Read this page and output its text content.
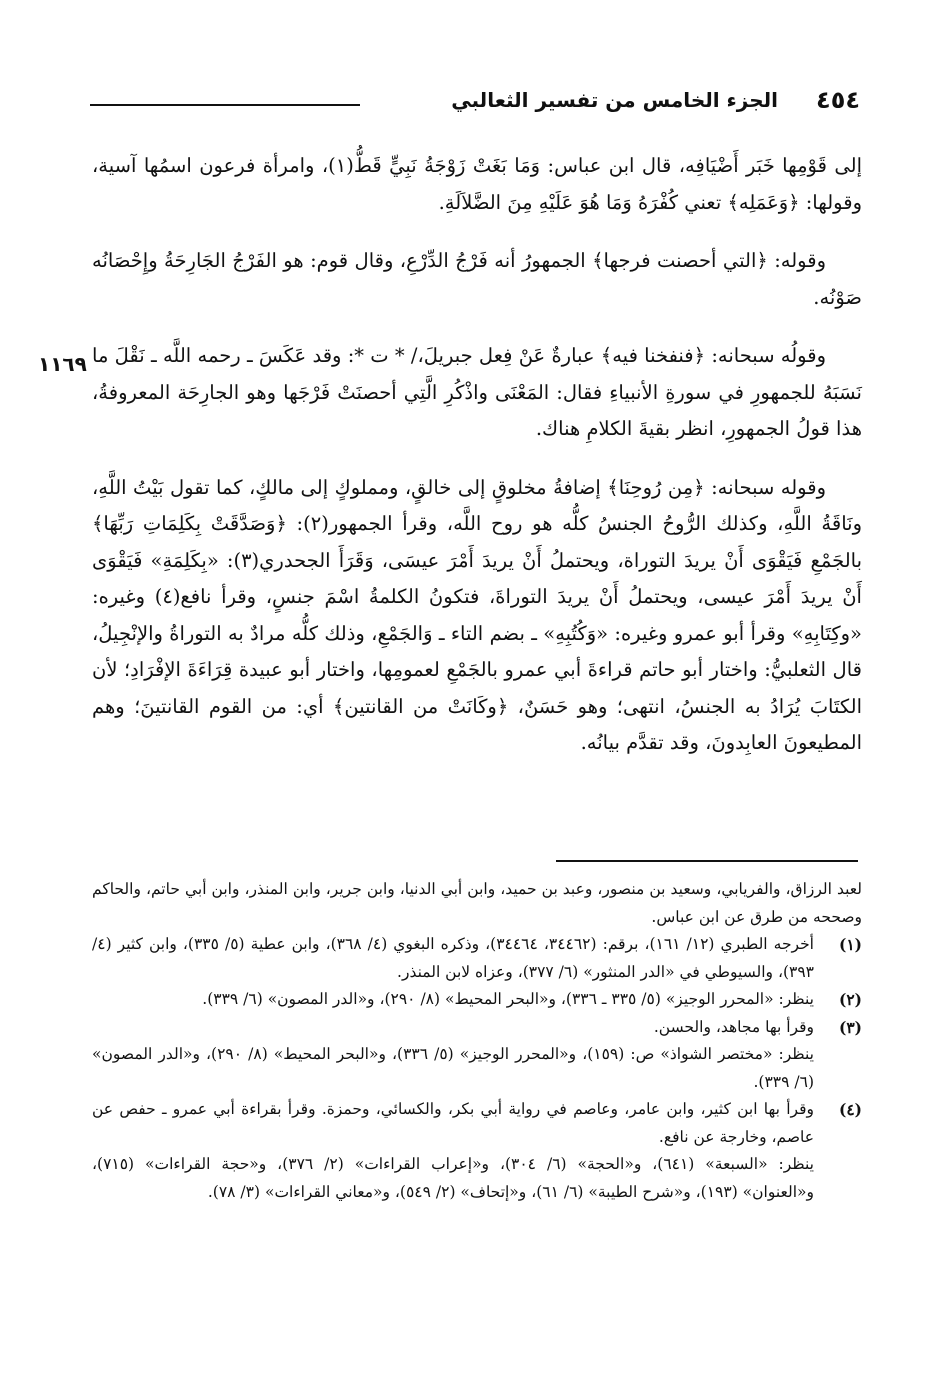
٤٥٤
الجزء الخامس من تفسير الثعالبي
١١٦٩

إلى قَوْمِها خَبَر أَضْيَافِه، قال ابن عباس: وَمَا بَغَتْ زَوْجَةُ نَبِيٍّ قَطُّ(١)، وامرأة فرعون اسمُها آسية، وقولها: ﴿وَعَمَلِه﴾ تعني كُفْرَهُ وَمَا هُوَ عَلَيْهِ مِنَ الضَّلاَلَةِ.

وقوله: ﴿التي أحصنت فرجها﴾ الجمهورُ أنه فَرْجُ الدِّرْعِ، وقال قوم: هو الفَرْجُ الجَارِحَةُ وإِحْصَانُه صَوْنُه.

وقولُه سبحانه: ﴿فنفخنا فيه﴾ عبارةٌ عَنْ فِعل جبريلَ،/ * ت *: وقد عَكَسَ ـ رحمه اللَّه ـ نَقْلَ ما نَسَبَهُ للجمهورِ في سورةِ الأنبياءِ فقال: المَعْنَى واذْكُرِ الَّتِي أحصنَتْ فَرْجَها وهو الجارِحَة المعروفةُ، هذا قولُ الجمهورِ، انظر بقيةَ الكلامِ هناك.

وقوله سبحانه: ﴿مِن رُوحِنَا﴾ إضافةُ مخلوقٍ إلى خالقٍ، ومملوكٍ إلى مالكٍ، كما تقول بَيْتُ اللَّهِ، ونَاقَةُ اللَّهِ، وكذلك الرُّوحُ الجنسُ كلُّه هو روح اللَّه، وقرأ الجمهور(٢): ﴿وَصَدَّقَتْ بِكَلِمَاتِ رَبِّهَا﴾ بالجَمْعِ فَيَقْوَى أَنْ يريدَ التوراة، ويحتملُ أَنْ يريدَ أَمْرَ عيسَى، وَقَرَأَ الجحدري(٣): «بِكَلِمَةِ» فَيَقْوَى أَنْ يريدَ أَمْرَ عيسى، ويحتملُ أَنْ يريدَ التوراةَ، فتكونُ الكلمةُ اسْمَ جنسٍ، وقرأ نافع(٤) وغيره: «وكِتَابِهِ» وقرأ أبو عمرو وغيره: «وَكُتُبِهِ» ـ بضم التاء ـ وَالجَمْعِ، وذلك كلُّه مرادٌ به التوراةُ والإنْجِيلُ، قال الثعلبيُّ: واختار أبو حاتم قراءةَ أبي عمرو بالجَمْعِ لعمومِها، واختار أبو عبيدة قِرَاءَةَ الإفْرَادِ؛ لأن الكتَابَ يُرَادُ به الجنسُ، انتهى؛ وهو حَسَنٌ، ﴿وكَانَتْ من القانتين﴾ أي: من القوم القانتينَ؛ وهم المطيعونَ العابِدونَ، وقد تقدَّم بيانُه.

لعبد الرزاق، والفريابي، وسعيد بن منصور، وعبد بن حميد، وابن أبي الدنيا، وابن جرير، وابن المنذر، وابن أبي حاتم، والحاكم وصححه من طرق عن ابن عباس.

(١)
أخرجه الطبري (١٢/ ١٦١)، برقم: (٣٤٤٦٢، ٣٤٤٦٤)، وذكره البغوي (٤/ ٣٦٨)، وابن عطية (٥/ ٣٣٥)، وابن كثير (٤/ ٣٩٣)، والسيوطي في «الدر المنثور» (٦/ ٣٧٧)، وعزاه لابن المنذر.
(٢)
ينظر: «المحرر الوجيز» (٥/ ٣٣٥ ـ ٣٣٦)، و«البحر المحيط» (٨/ ٢٩٠)، و«الدر المصون» (٦/ ٣٣٩).
(٣)
وقرأ بها مجاهد، والحسن.

ينظر: «مختصر الشواذ» ص: (١٥٩)، و«المحرر الوجيز» (٥/ ٣٣٦)، و«البحر المحيط» (٨/ ٢٩٠)، و«الدر المصون» (٦/ ٣٣٩).

(٤)
وقرأ بها ابن كثير، وابن عامر، وعاصم في رواية أبي بكر، والكسائي، وحمزة. وقرأ بقراءة أبي عمرو ـ حفص عن عاصم، وخارجة عن نافع.

ينظر: «السبعة» (٦٤١)، و«الحجة» (٦/ ٣٠٤)، و«إعراب القراءات» (٢/ ٣٧٦)، و«حجة القراءات» (٧١٥)، و«العنوان» (١٩٣)، و«شرح الطيبة» (٦/ ٦١)، و«إتحاف» (٢/ ٥٤٩)، و«معاني القراءات» (٣/ ٧٨).
